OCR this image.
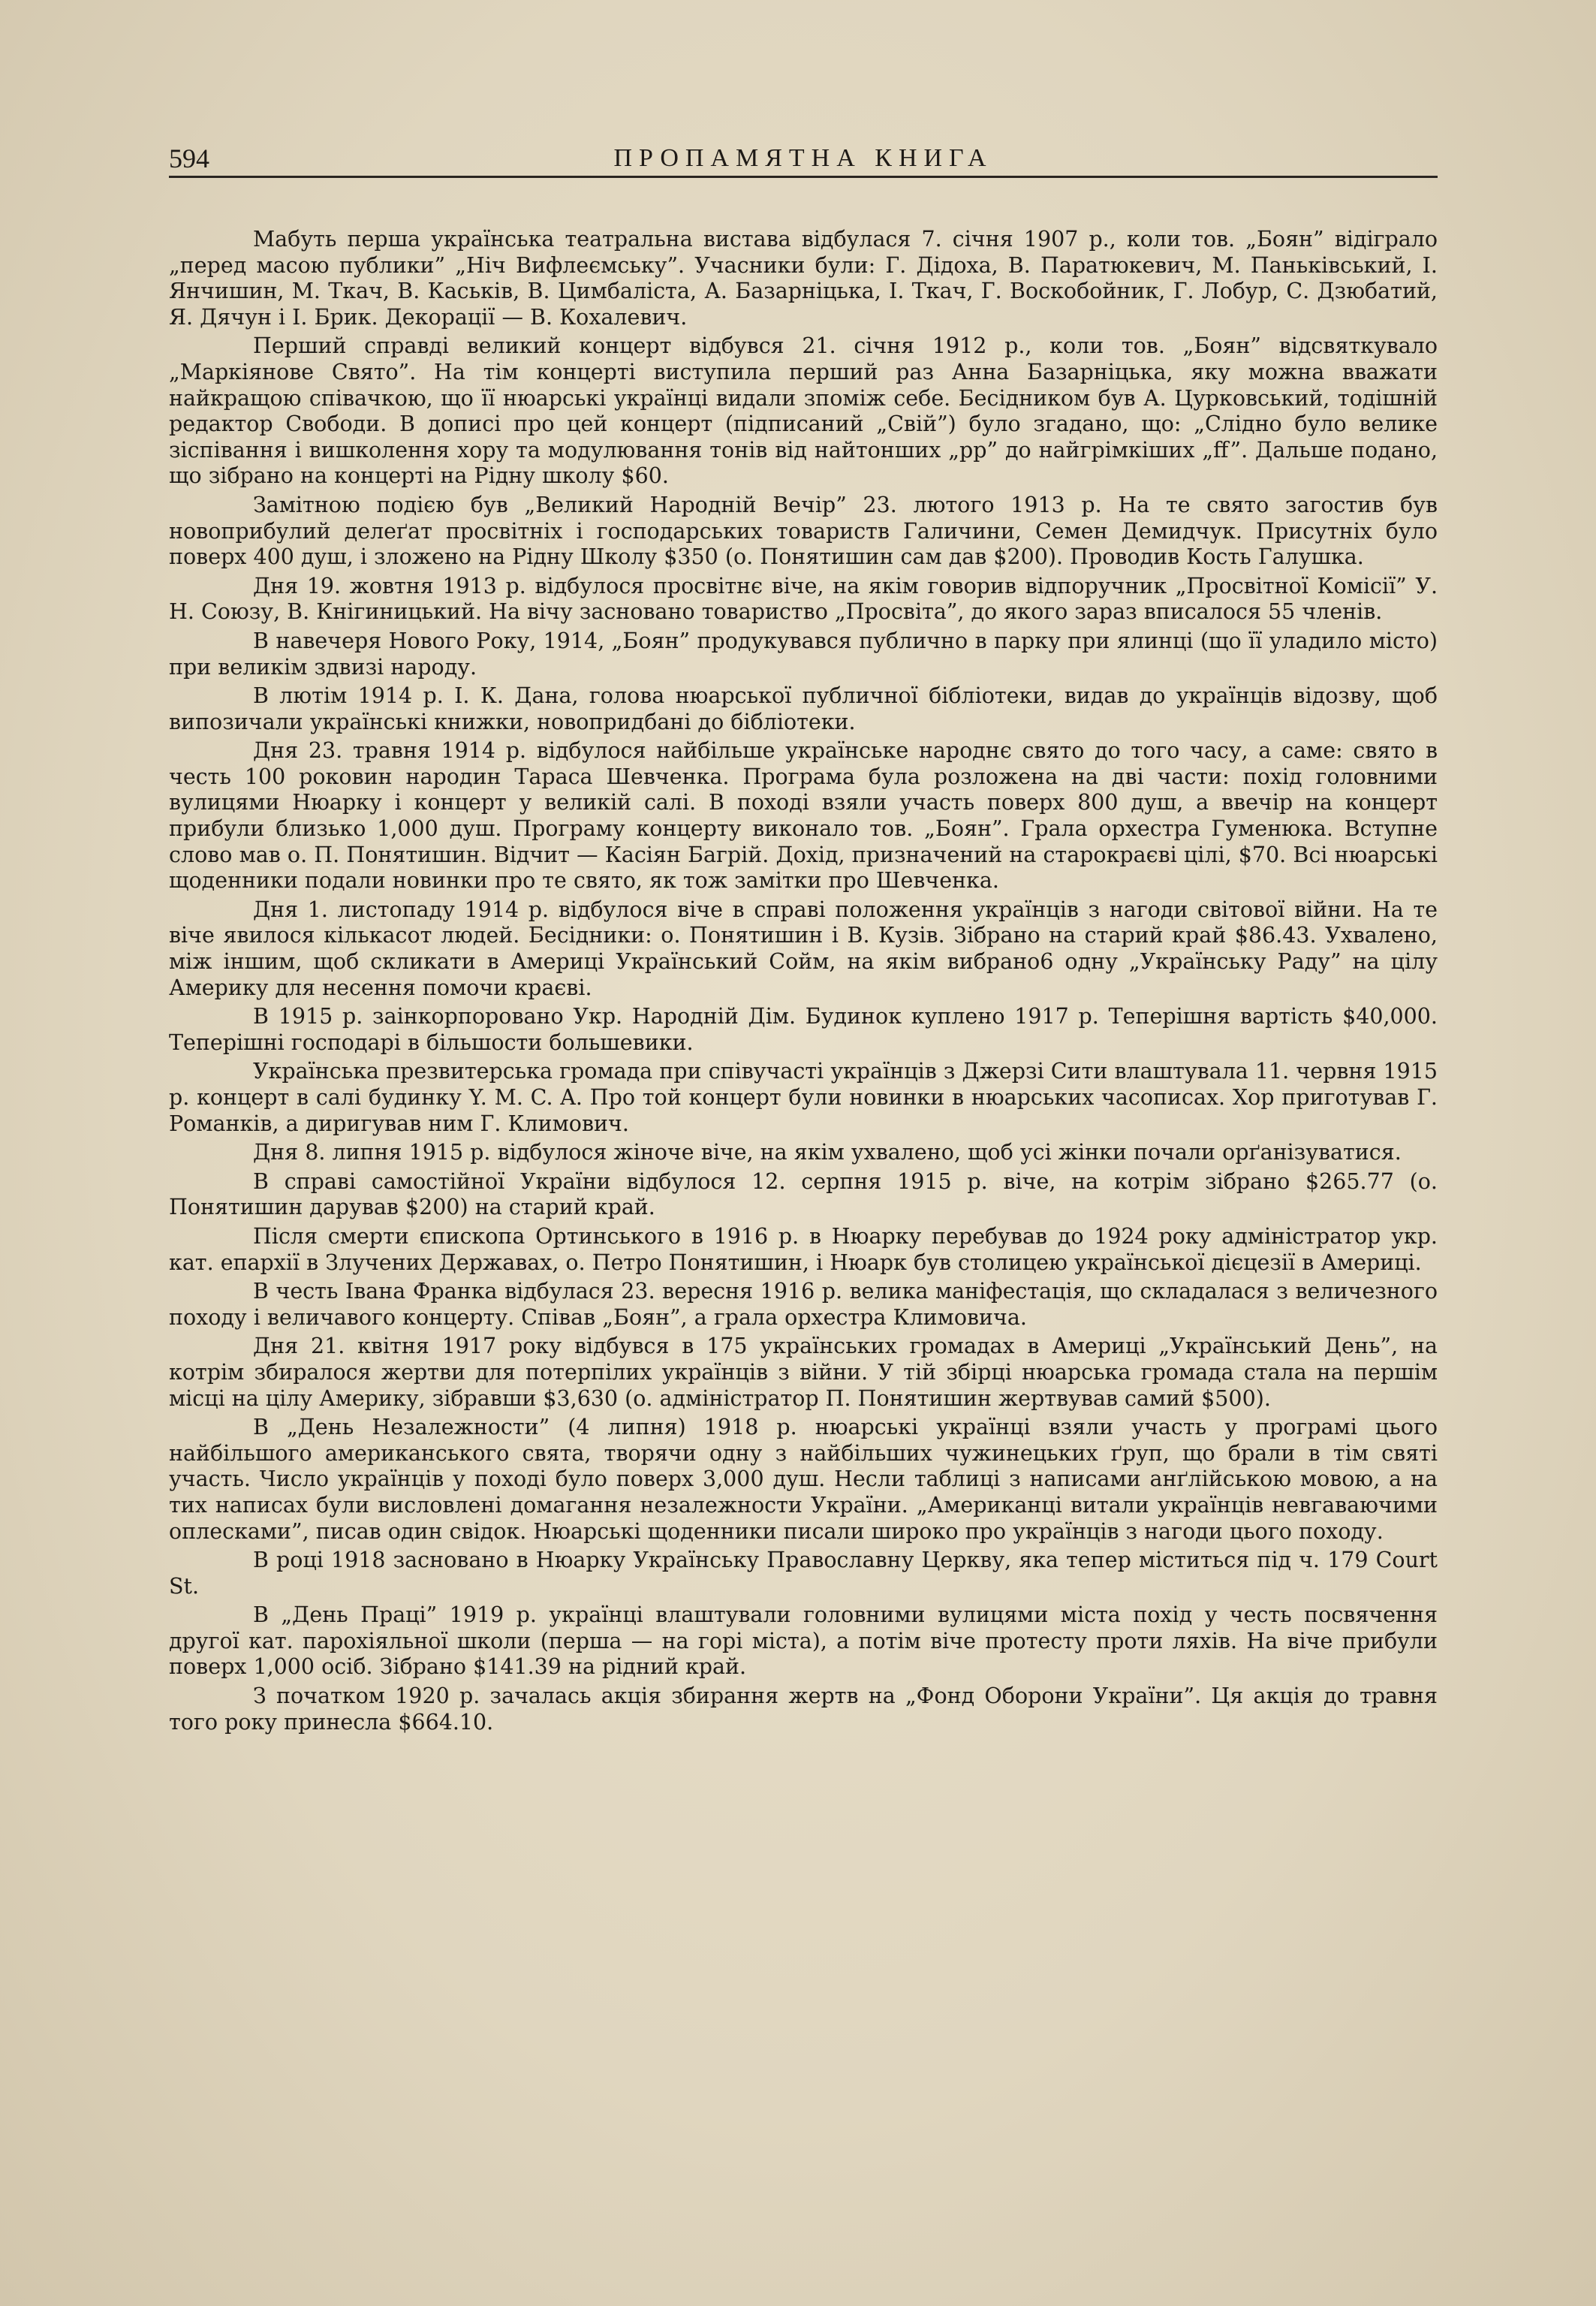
594	ПРОПАМЯТНА КНИГА

Мабуть перша українська театральна вистава відбулася 7. січня 1907 р., коли тов. „Боян” відіграло „перед масою публики” „Ніч Вифлеємську”. Учасники були: Г. Дідоха, В. Паратюкевич, М. Паньківський, І. Янчишин, М. Ткач, В. Каськів, В. Цимбаліста, А. Базарніцька, І. Ткач, Г. Воскобойник, Г. Лобур, С. Дзюбатий, Я. Дячун і І. Брик. Декорації — В. Кохалевич.

Перший справді великий концерт відбувся 21. січня 1912 р., коли тов. „Боян” відсвяткувало „Маркіянове Свято”. На тім концерті виступила перший раз Анна Базарніцька, яку можна вважати найкращою співачкою, що її нюарські українці видали зпоміж себе. Бесідником був А. Цурковський, тодішній редактор Свободи. В дописі про цей концерт (підписаний „Свій”) було згадано, що: „Слідно було велике зіспівання і вишколення хору та модулювання тонів від найтонших „pp” до найгрімкіших „ff”. Дальше подано, що зібрано на концерті на Рідну школу $60.

Замітною подією був „Великий Народній Вечір” 23. лютого 1913 р. На те свято загостив був новоприбулий делеґат просвітніх і господарських товариств Галичини, Семен Демидчук. Присутніх було поверх 400 душ, і зложено на Рідну Школу $350 (о. Понятишин сам дав $200). Проводив Кость Галушка.

Дня 19. жовтня 1913 р. відбулося просвітнє віче, на якім говорив відпоручник „Просвітної Комісії” У. Н. Союзу, В. Кнігиницький. На вічу засновано товариство „Просвіта”, до якого зараз вписалося 55 членів.

В навечеря Нового Року, 1914, „Боян” продукувався публично в парку при ялинці (що її уладило місто) при великім здвизі народу.

В лютім 1914 р. І. К. Дана, голова нюарської публичної бібліотеки, видав до українців відозву, щоб випозичали українські книжки, новопридбані до бібліотеки.

Дня 23. травня 1914 р. відбулося найбільше українське народнє свято до того часу, а саме: свято в честь 100 роковин народин Тараса Шевченка. Програма була розложена на дві части: похід головними вулицями Нюарку і концерт у великій салі. В поході взяли участь поверх 800 душ, а ввечір на концерт прибули близько 1,000 душ. Програму концерту виконало тов. „Боян”. Грала орхестра Гуменюка. Вступне слово мав о. П. Понятишин. Відчит — Касіян Багрій. Дохід, призначений на старокраєві цілі, $70. Всі нюарські щоденники подали новинки про те свято, як тож замітки про Шевченка.

Дня 1. листопаду 1914 р. відбулося віче в справі положення українців з нагоди світової війни. На те віче явилося кількасот людей. Бесідники: о. Понятишин і В. Кузів. Зібрано на старий край $86.43. Ухвалено, між іншим, щоб скликати в Америці Український Сойм, на якім вибрано6 одну „Українську Раду” на цілу Америку для несення помочи краєві.

В 1915 р. заінкорпоровано Укр. Народній Дім. Будинок куплено 1917 р. Теперішня вартість $40,000. Теперішні господарі в більшости большевики.

Українська презвитерська громада при співучасті українців з Джерзі Сити влаштувала 11. червня 1915 р. концерт в салі будинку Y. M. C. A. Про той концерт були новинки в нюарських часописах. Хор приготував Г. Романків, а диригував ним Г. Климович.

Дня 8. липня 1915 р. відбулося жіноче віче, на якім ухвалено, щоб усі жінки почали орґанізуватися.

В справі самостійної України відбулося 12. серпня 1915 р. віче, на котрім зібрано $265.77 (о. Понятишин дарував $200) на старий край.

Після смерти єпископа Ортинського в 1916 р. в Нюарку перебував до 1924 року адміністратор укр. кат. епархії в Злучених Державах, о. Петро Понятишин, і Нюарк був столицею української дієцезії в Америці.

В честь Івана Франка відбулася 23. вересня 1916 р. велика маніфестація, що складалася з величезного походу і величавого концерту. Співав „Боян”, а грала орхестра Климовича.

Дня 21. квітня 1917 року відбувся в 175 українських громадах в Америці „Український День”, на котрім збиралося жертви для потерпілих українців з війни. У тій збірці нюарська громада стала на першім місці на цілу Америку, зібравши $3,630 (о. адміністратор П. Понятишин жертвував самий $500).

В „День Незалежности” (4 липня) 1918 р. нюарські українці взяли участь у програмі цього найбільшого американського свята, творячи одну з найбільших чужинецьких ґруп, що брали в тім святі участь. Число українців у поході було поверх 3,000 душ. Несли таблиці з написами анґлійською мовою, а на тих написах були висловлені домагання незалежности України. „Американці витали українців невгаваючими оплесками”, писав один свідок. Нюарські щоденники писали широко про українців з нагоди цього походу.

В році 1918 засновано в Нюарку Українську Православну Церкву, яка тепер міститься під ч. 179 Court St.

В „День Праці” 1919 р. українці влаштували головними вулицями міста похід у честь посвячення другої кат. парохіяльної школи (перша — на горі міста), а потім віче протесту проти ляхів. На віче прибули поверх 1,000 осіб. Зібрано $141.39 на рідний край.

З початком 1920 р. зачалась акція збирання жертв на „Фонд Оборони України”. Ця акція до травня того року принесла $664.10.
